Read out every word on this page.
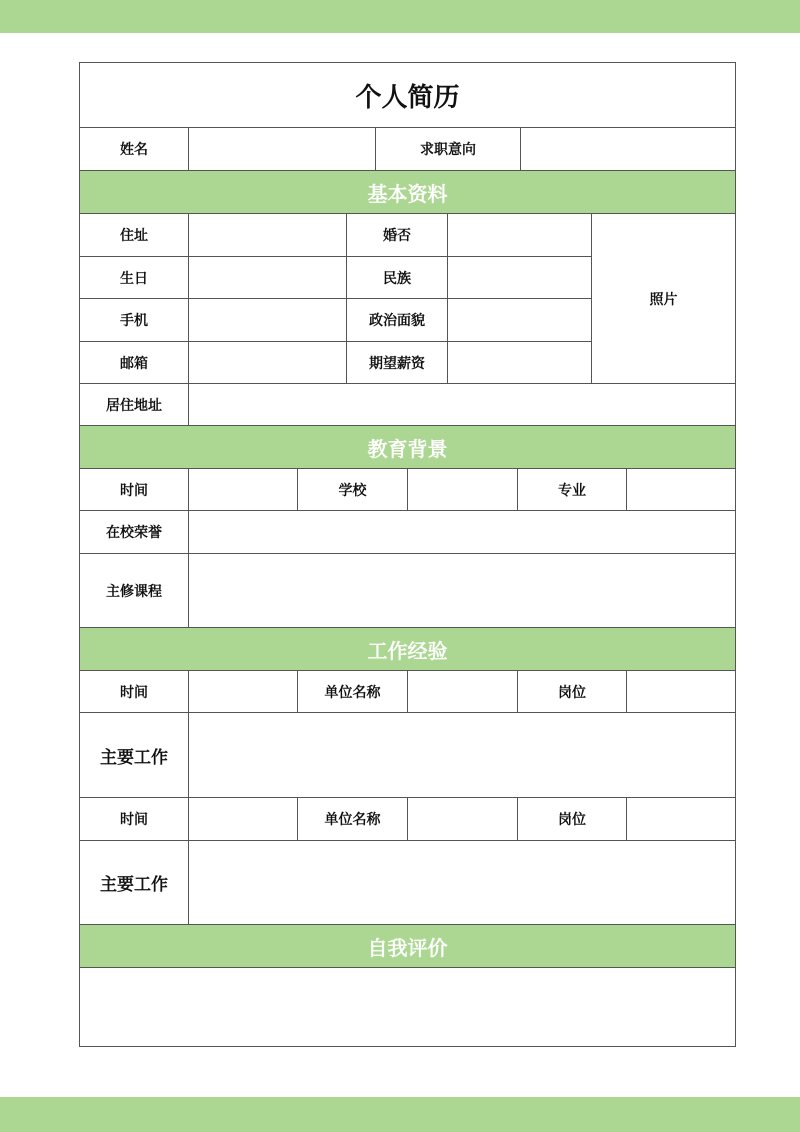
个人简历
姓名	求职意向
基本资料
住址	婚否
照片
生日	民族
手机	政治面貌
邮箱	期望薪资
居住地址
教育背景
时间	学校	专业
在校荣誉
主修课程
工作经验
时间	单位名称	岗位
主要工作
时间	单位名称	岗位
主要工作
自我评价
